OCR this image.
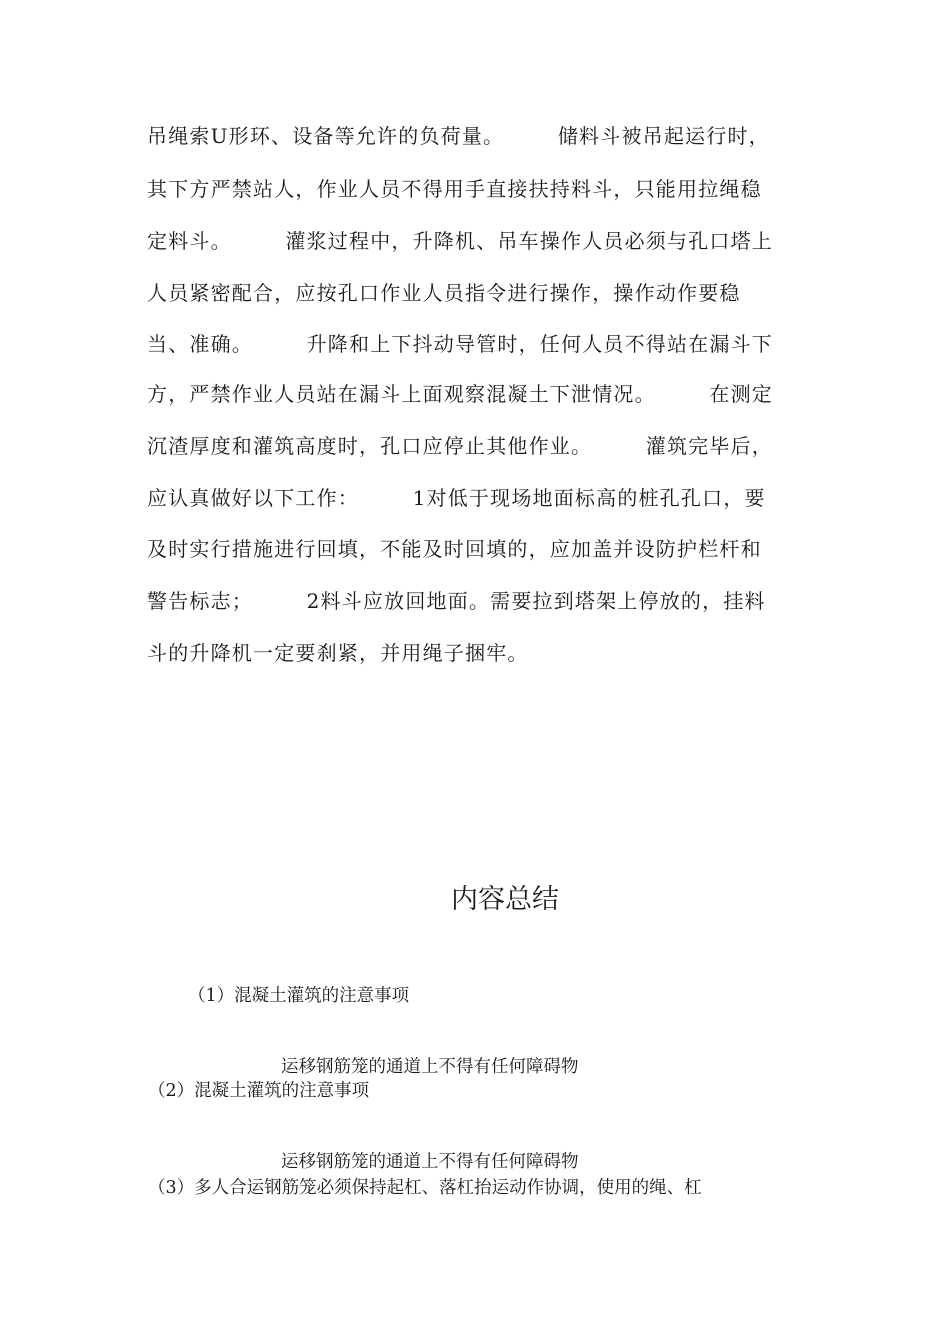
吊绳索U形环、设备等允许的负荷量。　　　储料斗被吊起运行时，
其下方严禁站人，作业人员不得用手直接扶持料斗，只能用拉绳稳
定料斗。　　　灌浆过程中，升降机、吊车操作人员必须与孔口塔上
人员紧密配合，应按孔口作业人员指令进行操作，操作动作要稳
当、准确。　　　升降和上下抖动导管时，任何人员不得站在漏斗下
方，严禁作业人员站在漏斗上面观察混凝土下泄情况。　　　在测定
沉渣厚度和灌筑高度时，孔口应停止其他作业。　　　灌筑完毕后，
应认真做好以下工作：　　　1对低于现场地面标高的桩孔孔口，要
及时实行措施进行回填，不能及时回填的，应加盖并设防护栏杆和
警告标志；　　　2料斗应放回地面。需要拉到塔架上停放的，挂料
斗的升降机一定要刹紧，并用绳子捆牢。
内容总结
（1）混凝土灌筑的注意事项
运移钢筋笼的通道上不得有任何障碍物
（2）混凝土灌筑的注意事项
运移钢筋笼的通道上不得有任何障碍物
（3）多人合运钢筋笼必须保持起杠、落杠抬运动作协调，使用的绳、杠
